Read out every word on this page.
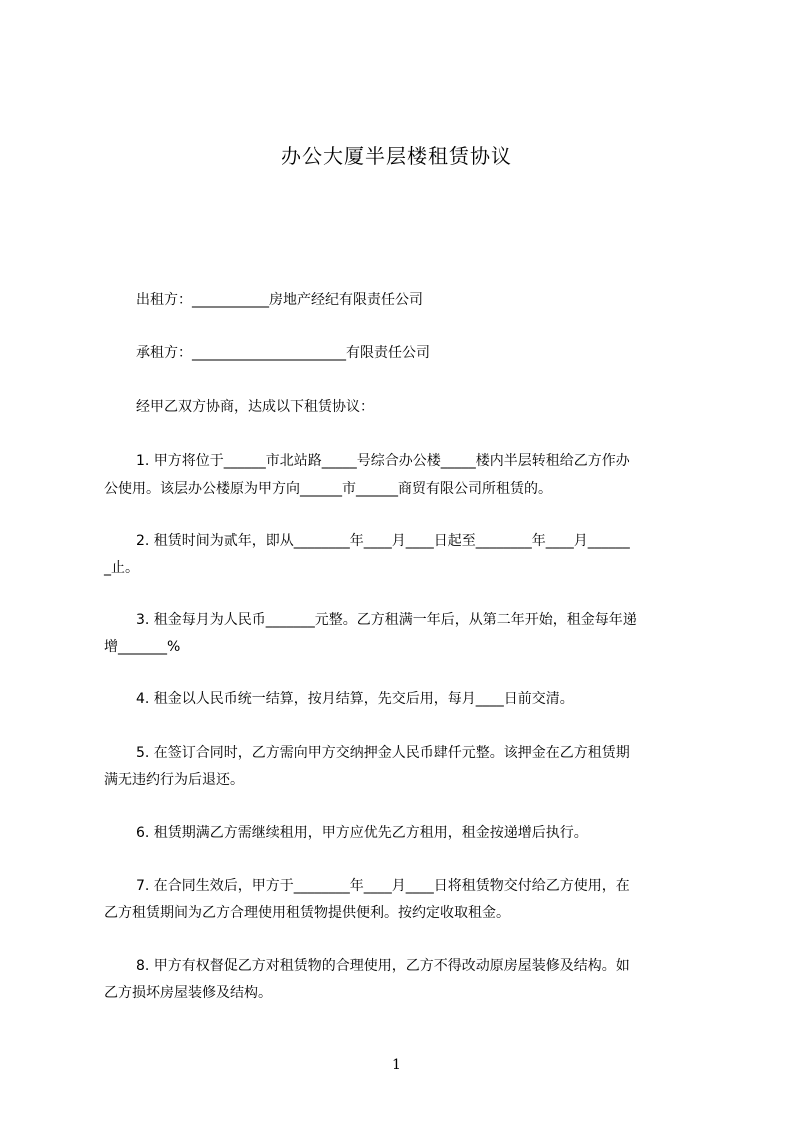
办公大厦半层楼租赁协议
出租方：___________房地产经纪有限责任公司
承租方：______________________有限责任公司
经甲乙双方协商，达成以下租赁协议：
1. 甲方将位于______市北站路_____号综合办公楼_____楼内半层转租给乙方作办
公使用。该层办公楼原为甲方向______市______商贸有限公司所租赁的。
2. 租赁时间为贰年，即从________年____月____日起至________年____月______
_止。
3. 租金每月为人民币_______元整。乙方租满一年后，从第二年开始，租金每年递
增_______%
4. 租金以人民币统一结算，按月结算，先交后用，每月____日前交清。
5. 在签订合同时，乙方需向甲方交纳押金人民币肆仟元整。该押金在乙方租赁期
满无违约行为后退还。
6. 租赁期满乙方需继续租用，甲方应优先乙方租用，租金按递增后执行。
7. 在合同生效后，甲方于________年____月____日将租赁物交付给乙方使用，在
乙方租赁期间为乙方合理使用租赁物提供便利。按约定收取租金。
8. 甲方有权督促乙方对租赁物的合理使用，乙方不得改动原房屋装修及结构。如
乙方损坏房屋装修及结构。
1
